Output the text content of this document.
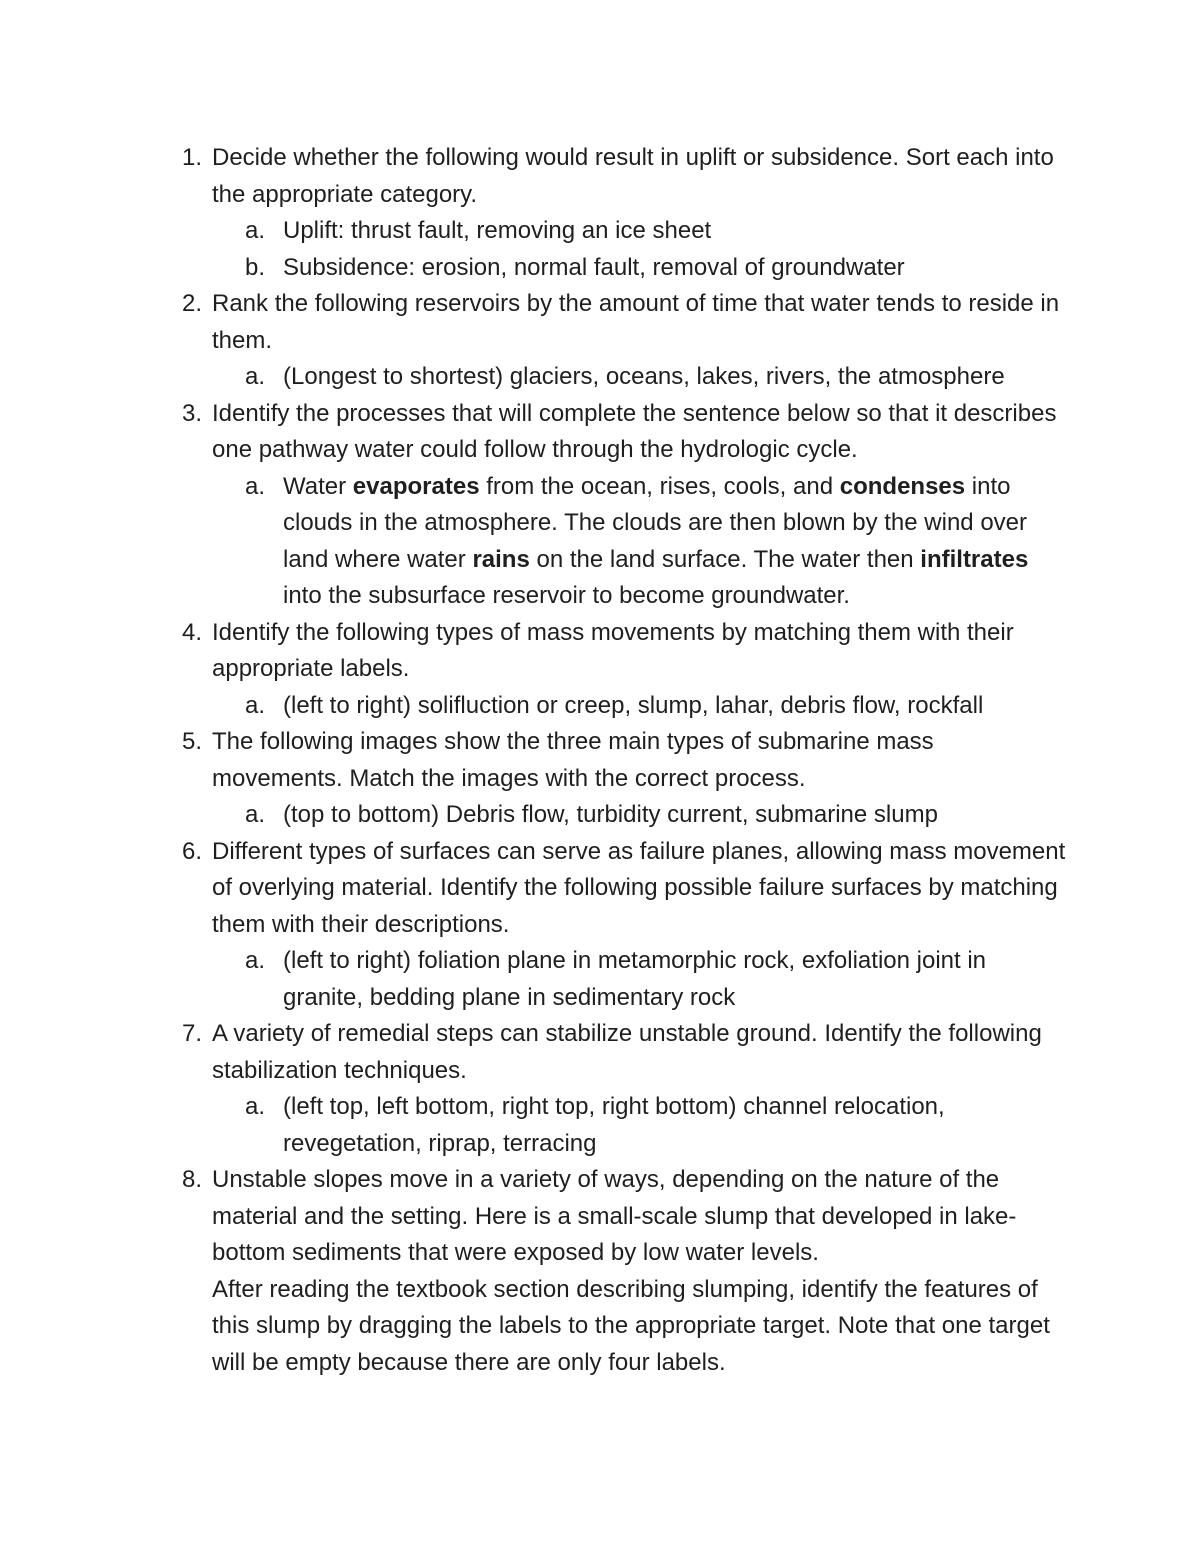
1. Decide whether the following would result in uplift or subsidence. Sort each into the appropriate category.
a. Uplift: thrust fault, removing an ice sheet
b. Subsidence: erosion, normal fault, removal of groundwater
2. Rank the following reservoirs by the amount of time that water tends to reside in them.
a. (Longest to shortest) glaciers, oceans, lakes, rivers, the atmosphere
3. Identify the processes that will complete the sentence below so that it describes one pathway water could follow through the hydrologic cycle.
a. Water evaporates from the ocean, rises, cools, and condenses into clouds in the atmosphere. The clouds are then blown by the wind over land where water rains on the land surface. The water then infiltrates into the subsurface reservoir to become groundwater.
4. Identify the following types of mass movements by matching them with their appropriate labels.
a. (left to right) solifluction or creep, slump, lahar, debris flow, rockfall
5. The following images show the three main types of submarine mass movements. Match the images with the correct process.
a. (top to bottom) Debris flow, turbidity current, submarine slump
6. Different types of surfaces can serve as failure planes, allowing mass movement of overlying material. Identify the following possible failure surfaces by matching them with their descriptions.
a. (left to right) foliation plane in metamorphic rock, exfoliation joint in granite, bedding plane in sedimentary rock
7. A variety of remedial steps can stabilize unstable ground. Identify the following stabilization techniques.
a. (left top, left bottom, right top, right bottom) channel relocation, revegetation, riprap, terracing
8. Unstable slopes move in a variety of ways, depending on the nature of the material and the setting. Here is a small-scale slump that developed in lake-bottom sediments that were exposed by low water levels.
After reading the textbook section describing slumping, identify the features of this slump by dragging the labels to the appropriate target. Note that one target will be empty because there are only four labels.
